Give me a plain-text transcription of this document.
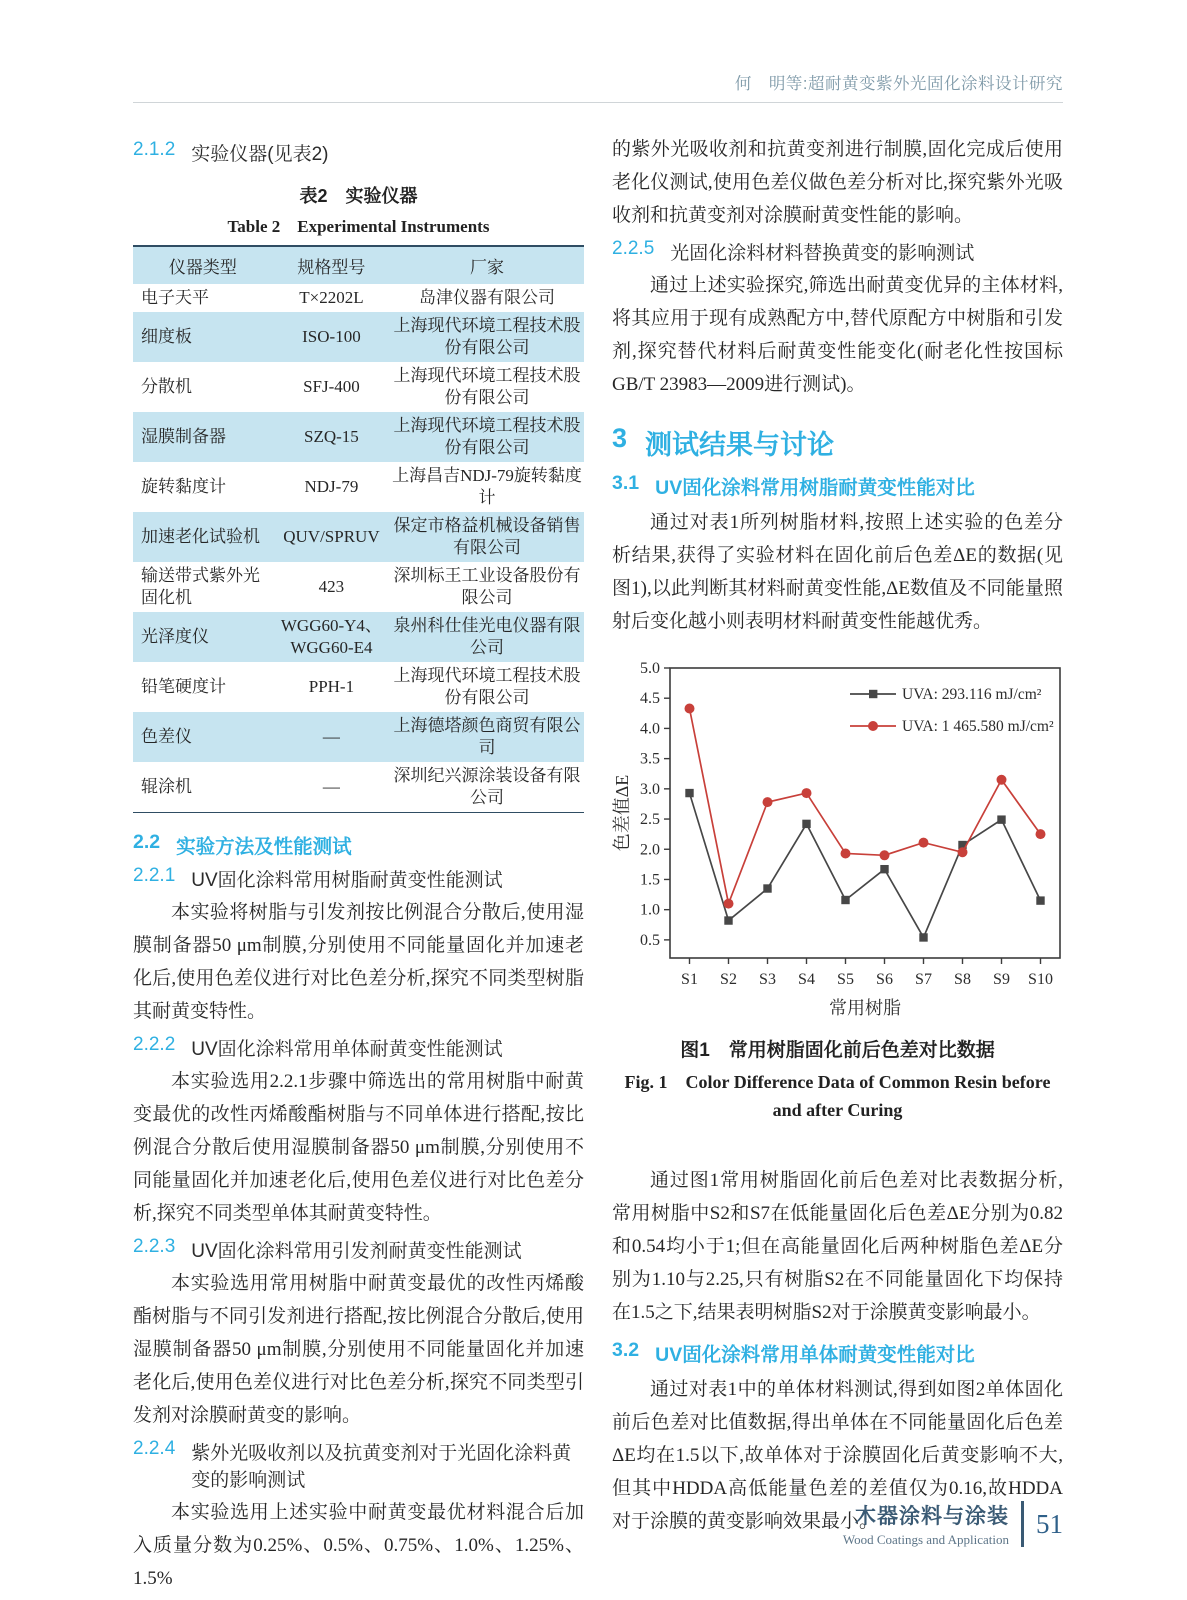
何　明等:超耐黄变紫外光固化涂料设计研究
2.1.2 实验仪器(见表2)
表2　实验仪器
Table 2　Experimental Instruments
仪器类型	规格型号	厂家
电子天平	T×2202L	岛津仪器有限公司
细度板	ISO-100	上海现代环境工程技术股份有限公司
分散机	SFJ-400	上海现代环境工程技术股份有限公司
湿膜制备器	SZQ-15	上海现代环境工程技术股份有限公司
旋转黏度计	NDJ-79	上海昌吉NDJ-79旋转黏度计
加速老化试验机	QUV/SPRUV	保定市格益机械设备销售有限公司
输送带式紫外光固化机	423	深圳标王工业设备股份有限公司
光泽度仪	WGG60-Y4、WGG60-E4	泉州科仕佳光电仪器有限公司
铅笔硬度计	PPH-1	上海现代环境工程技术股份有限公司
色差仪	—	上海德塔颜色商贸有限公司
辊涂机	—	深圳纪兴源涂装设备有限公司
2.2 实验方法及性能测试
2.2.1 UV固化涂料常用树脂耐黄变性能测试

本实验将树脂与引发剂按比例混合分散后,使用湿膜制备器50 μm制膜,分别使用不同能量固化并加速老化后,使用色差仪进行对比色差分析,探究不同类型树脂其耐黄变特性。

2.2.2 UV固化涂料常用单体耐黄变性能测试

本实验选用2.2.1步骤中筛选出的常用树脂中耐黄变最优的改性丙烯酸酯树脂与不同单体进行搭配,按比例混合分散后使用湿膜制备器50 μm制膜,分别使用不同能量固化并加速老化后,使用色差仪进行对比色差分析,探究不同类型单体其耐黄变特性。

2.2.3 UV固化涂料常用引发剂耐黄变性能测试

本实验选用常用树脂中耐黄变最优的改性丙烯酸酯树脂与不同引发剂进行搭配,按比例混合分散后,使用湿膜制备器50 μm制膜,分别使用不同能量固化并加速老化后,使用色差仪进行对比色差分析,探究不同类型引发剂对涂膜耐黄变的影响。

2.2.4 紫外光吸收剂以及抗黄变剂对于光固化涂料黄变的影响测试

本实验选用上述实验中耐黄变最优材料混合后加入质量分数为0.25%、0.5%、0.75%、1.0%、1.25%、1.5%

的紫外光吸收剂和抗黄变剂进行制膜,固化完成后使用老化仪测试,使用色差仪做色差分析对比,探究紫外光吸收剂和抗黄变剂对涂膜耐黄变性能的影响。

2.2.5 光固化涂料材料替换黄变的影响测试

通过上述实验探究,筛选出耐黄变优异的主体材料,将其应用于现有成熟配方中,替代原配方中树脂和引发剂,探究替代材料后耐黄变性能变化(耐老化性按国标GB/T 23983—2009进行测试)。

3 测试结果与讨论
3.1 UV固化涂料常用树脂耐黄变性能对比

通过对表1所列树脂材料,按照上述实验的色差分析结果,获得了实验材料在固化前后色差ΔE的数据(见图1),以此判断其材料耐黄变性能,ΔE数值及不同能量照射后变化越小则表明材料耐黄变性能越优秀。

0.5
1.0
1.5
2.0
2.5
3.0
3.5
4.0
4.5
5.0
S1 S2 S3 S4 S5 S6 S7 S8 S9 S10
常用树脂
色差值ΔE
UVA: 293.116 mJ/cm²
UVA: 1 465.580 mJ/cm²
图1　常用树脂固化前后色差对比数据
Fig. 1　Color Difference Data of Common Resin before and after Curing

通过图1常用树脂固化前后色差对比表数据分析,常用树脂中S2和S7在低能量固化后色差ΔE分别为0.82和0.54均小于1;但在高能量固化后两种树脂色差ΔE分别为1.10与2.25,只有树脂S2在不同能量固化下均保持在1.5之下,结果表明树脂S2对于涂膜黄变影响最小。

3.2 UV固化涂料常用单体耐黄变性能对比

通过对表1中的单体材料测试,得到如图2单体固化前后色差对比值数据,得出单体在不同能量固化后色差ΔE均在1.5以下,故单体对于涂膜固化后黄变影响不大,但其中HDDA高低能量色差的差值仅为0.16,故HDDA对于涂膜的黄变影响效果最小。

木器涂料与涂装
Wood Coatings and Application
51
